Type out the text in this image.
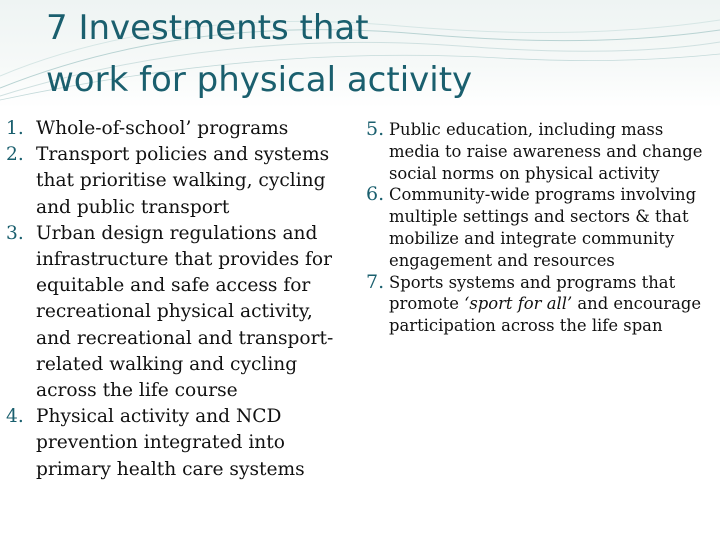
7 Investments that
work for physical activity
1. Whole-of-school’ programs
2. Transport policies and systems that prioritise walking, cycling and public transport
3. Urban design regulations and infrastructure that provides for equitable and safe access for recreational physical activity, and recreational and transport-related walking and cycling across the life course
4. Physical activity and NCD prevention integrated into primary health care systems
5. Public education, including mass media to raise awareness and change social norms on physical activity
6. Community-wide programs involving multiple settings and sectors & that mobilize and integrate community engagement and resources
7. Sports systems and programs that promote ‘sport for all’ and encourage participation across the life span
